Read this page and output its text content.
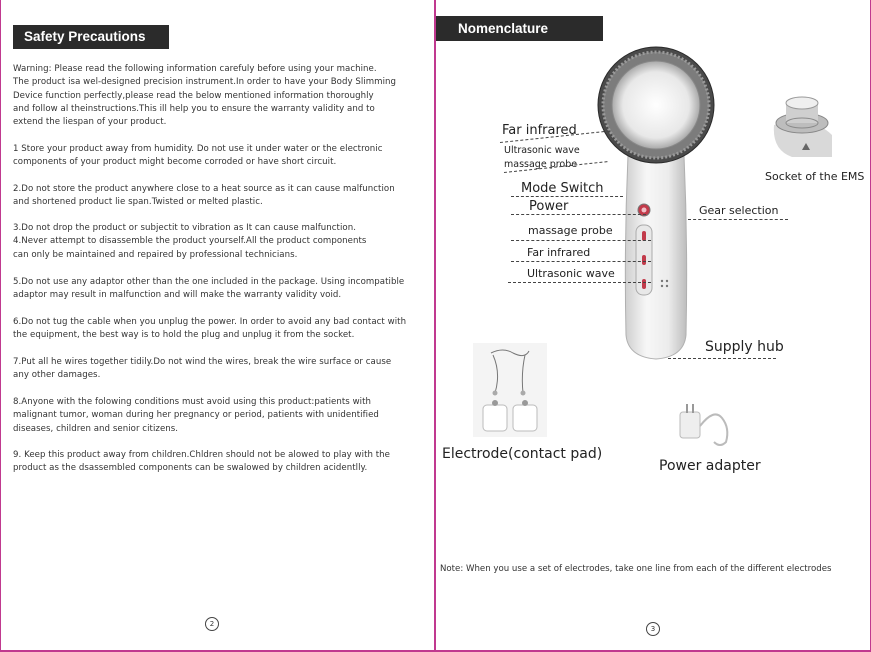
Safety Precautions
Warning: Please read the following information carefuly before using your machine.
The product isa wel-designed precision instrument.In order to have your Body Slimming
Device function perfectly,please read the below mentioned information thoroughly
and follow al theinstructions.This ill help you to ensure the warranty validity and to
extend the liespan of your product.
1 Store your product away from humidity. Do not use it under water or the electronic
components of your product might become corroded or have short circuit.
2.Do not store the product anywhere close to a heat source as it can cause malfunction
and shortened product lie span.Twisted or melted plastic.
3.Do not drop the product or subjectit to vibration as It can cause malfunction.
4.Never attempt to disassemble the product yourself.All the product components
can only be maintained and repaired by professional technicians.
5.Do not use any adaptor other than the one included in the package. Using incompatible
adaptor may result in malfunction and will make the warranty validity void.
6.Do not tug the cable when you unplug the power. In order to avoid any bad contact with
the equipment, the best way is to hold the plug and unplug it from the socket.
7.Put all he wires together tidily.Do not wind the wires, break the wire surface or cause
any other damages.
8.Anyone with the folowing conditions must avoid using this product:patients with
malignant tumor, woman during her pregnancy or period, patients with unidentified
diseases, children and senior citizens.
9. Keep this product away from children.Chldren should not be alowed to play with the
product as the dsassembled components can be swalowed by children acidentlly.
2
Nomenclature
Far infrared
Ultrasonic wave
massage probe
Mode Switch
Power
massage probe
Far infrared
Ultrasonic wave
Gear selection
Socket of the EMS
Supply hub
Electrode(contact pad)
Power adapter
Note: When you use a set of electrodes, take one line from each of the different electrodes
3
